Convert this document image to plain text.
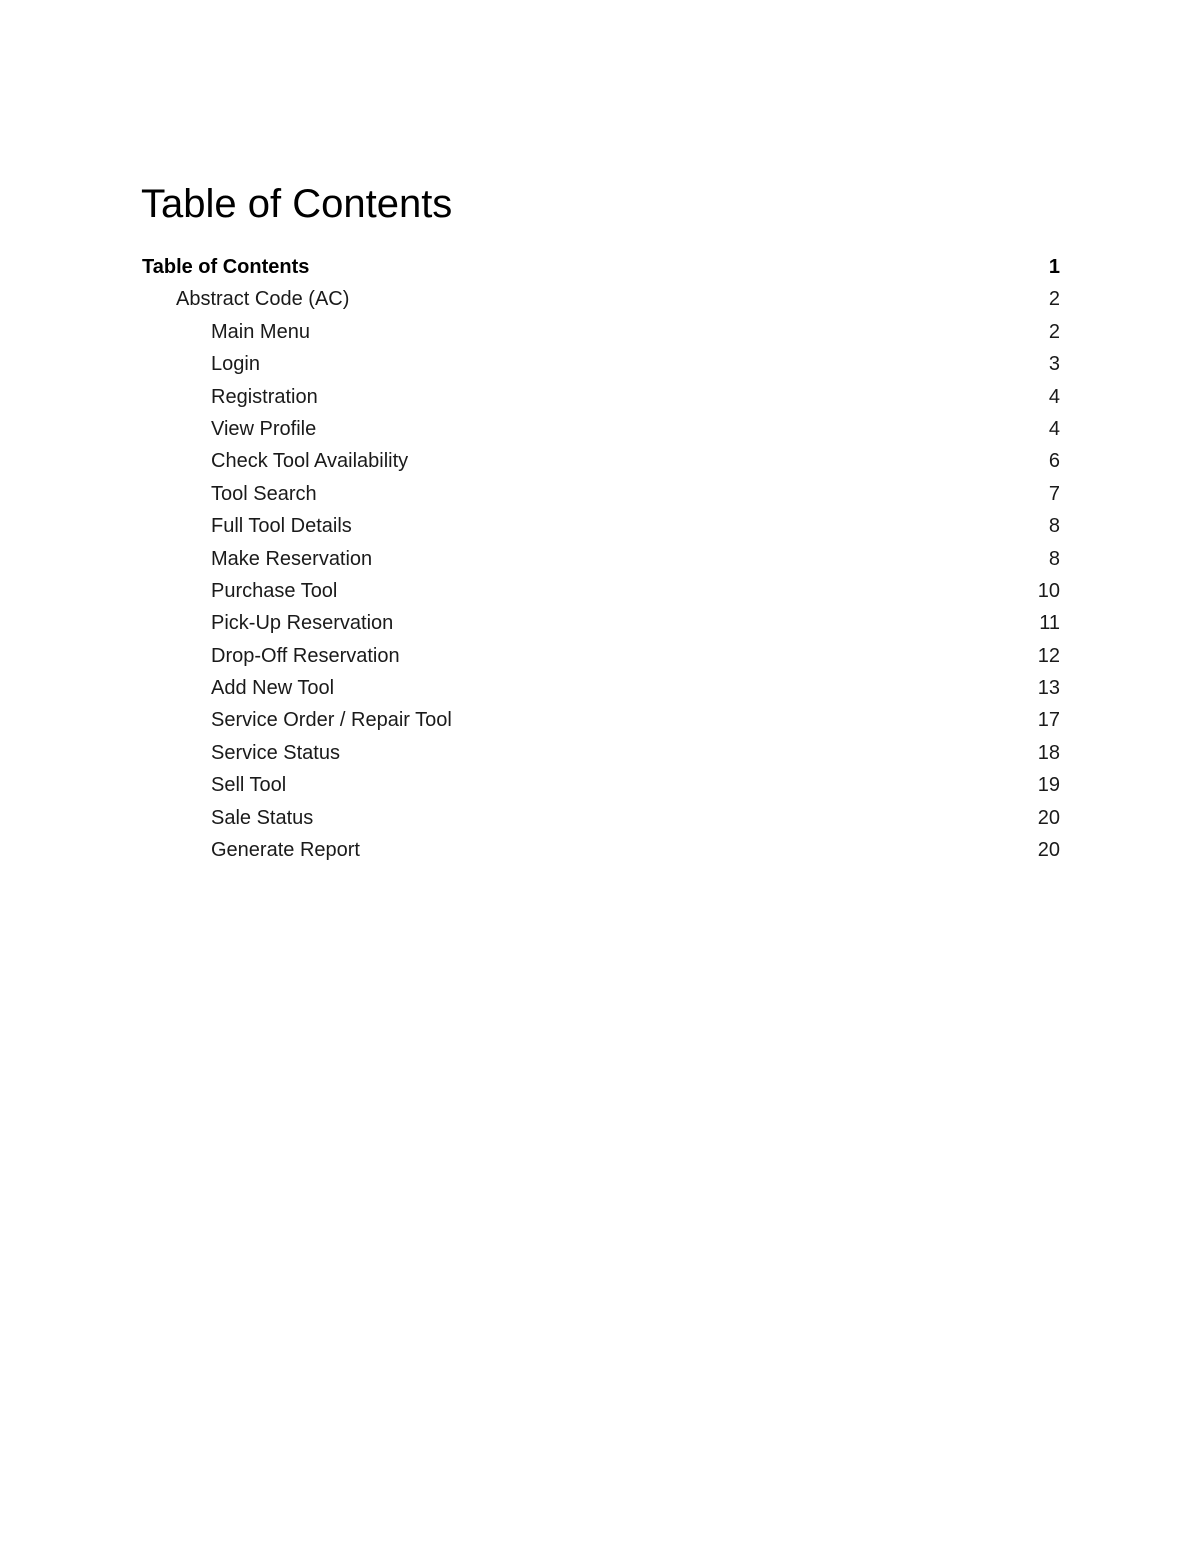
Table of Contents
Table of Contents	1
Abstract Code (AC)	2
Main Menu	2
Login	3
Registration	4
View Profile	4
Check Tool Availability	6
Tool Search	7
Full Tool Details	8
Make Reservation	8
Purchase Tool	10
Pick-Up Reservation	11
Drop-Off Reservation	12
Add New Tool	13
Service Order / Repair Tool	17
Service Status	18
Sell Tool	19
Sale Status	20
Generate Report	20
